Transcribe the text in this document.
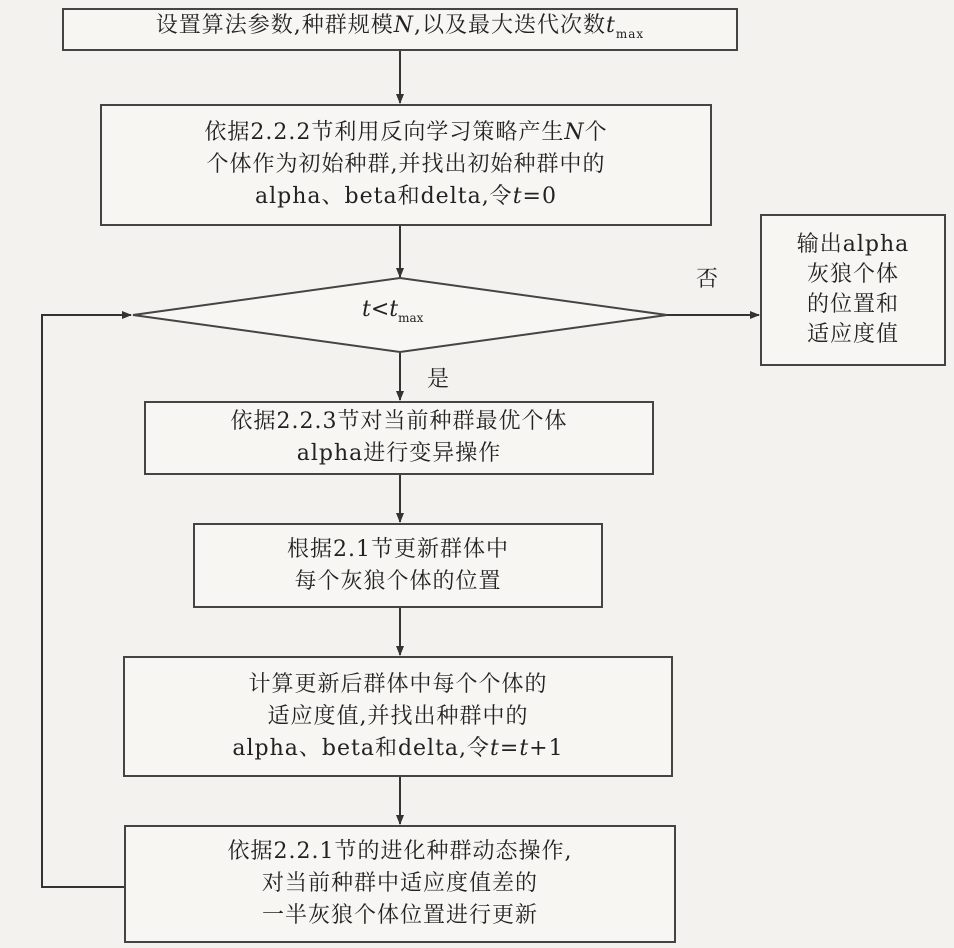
设置算法参数,种群规模N,以及最大迭代次数$t_{max}$
依据2.2.2节利用反向学习策略产生N个
个体作为初始种群,并找出初始种群中的
alpha、beta和delta,令t=0
$t<t_{max}$
是
否
输出alpha
灰狼个体
的位置和
适应度值
依据2.2.3节对当前种群最优个体
alpha进行变异操作
根据2.1节更新群体中
每个灰狼个体的位置
计算更新后群体中每个个体的
适应度值,并找出种群中的
alpha、beta和delta,令t=t+1
依据2.2.1节的进化种群动态操作,
对当前种群中适应度值差的
一半灰狼个体位置进行更新
